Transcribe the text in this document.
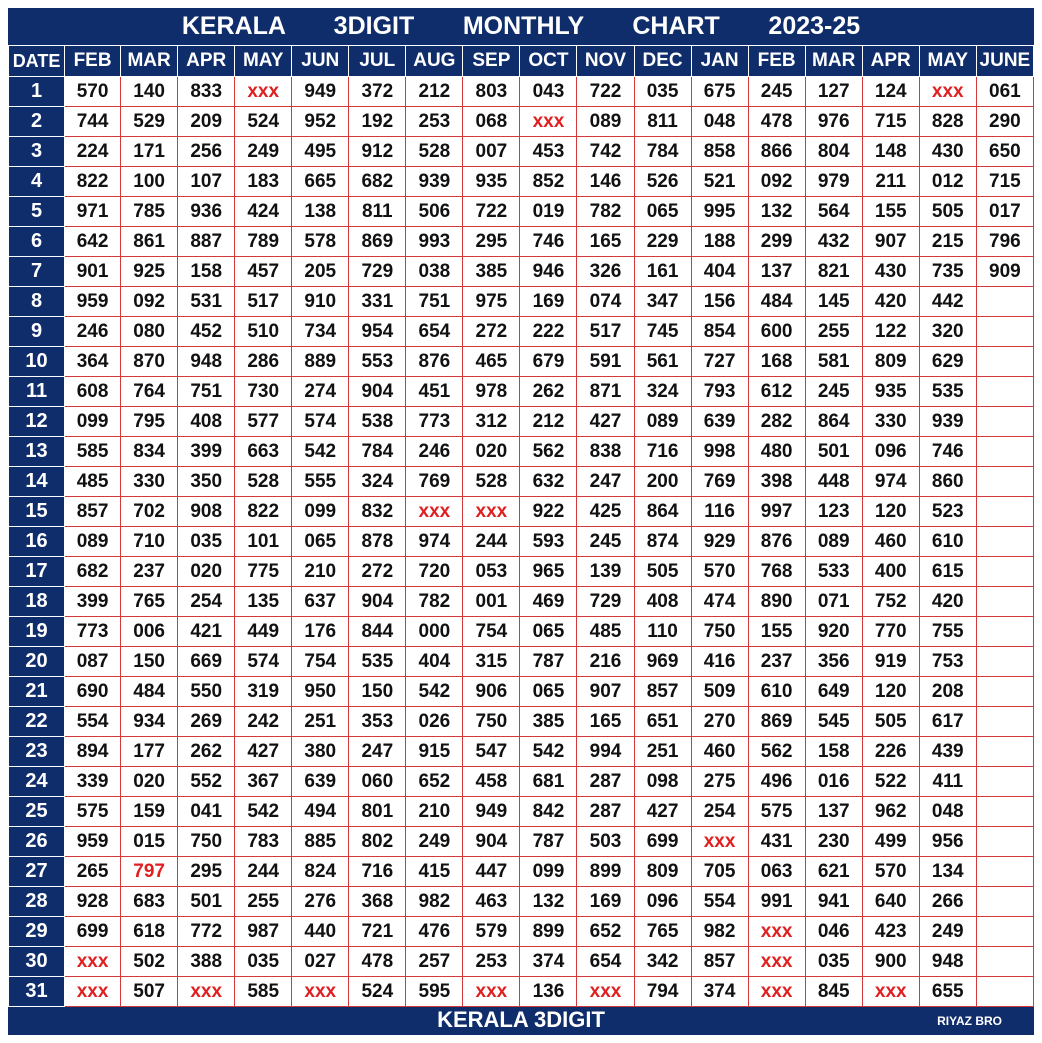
KERALA       3DIGIT       MONTHLY       CHART       2023-25
DATE	FEB	MAR	APR	MAY	JUN	JUL	AUG	SEP	OCT	NOV	DEC	JAN	FEB	MAR	APR	MAY	JUNE
1	570	140	833	xxx	949	372	212	803	043	722	035	675	245	127	124	xxx	061
2	744	529	209	524	952	192	253	068	xxx	089	811	048	478	976	715	828	290
3	224	171	256	249	495	912	528	007	453	742	784	858	866	804	148	430	650
4	822	100	107	183	665	682	939	935	852	146	526	521	092	979	211	012	715
5	971	785	936	424	138	811	506	722	019	782	065	995	132	564	155	505	017
6	642	861	887	789	578	869	993	295	746	165	229	188	299	432	907	215	796
7	901	925	158	457	205	729	038	385	946	326	161	404	137	821	430	735	909
8	959	092	531	517	910	331	751	975	169	074	347	156	484	145	420	442	
9	246	080	452	510	734	954	654	272	222	517	745	854	600	255	122	320	
10	364	870	948	286	889	553	876	465	679	591	561	727	168	581	809	629	
11	608	764	751	730	274	904	451	978	262	871	324	793	612	245	935	535	
12	099	795	408	577	574	538	773	312	212	427	089	639	282	864	330	939	
13	585	834	399	663	542	784	246	020	562	838	716	998	480	501	096	746	
14	485	330	350	528	555	324	769	528	632	247	200	769	398	448	974	860	
15	857	702	908	822	099	832	xxx	xxx	922	425	864	116	997	123	120	523	
16	089	710	035	101	065	878	974	244	593	245	874	929	876	089	460	610	
17	682	237	020	775	210	272	720	053	965	139	505	570	768	533	400	615	
18	399	765	254	135	637	904	782	001	469	729	408	474	890	071	752	420	
19	773	006	421	449	176	844	000	754	065	485	110	750	155	920	770	755	
20	087	150	669	574	754	535	404	315	787	216	969	416	237	356	919	753	
21	690	484	550	319	950	150	542	906	065	907	857	509	610	649	120	208	
22	554	934	269	242	251	353	026	750	385	165	651	270	869	545	505	617	
23	894	177	262	427	380	247	915	547	542	994	251	460	562	158	226	439	
24	339	020	552	367	639	060	652	458	681	287	098	275	496	016	522	411	
25	575	159	041	542	494	801	210	949	842	287	427	254	575	137	962	048	
26	959	015	750	783	885	802	249	904	787	503	699	xxx	431	230	499	956	
27	265	797	295	244	824	716	415	447	099	899	809	705	063	621	570	134	
28	928	683	501	255	276	368	982	463	132	169	096	554	991	941	640	266	
29	699	618	772	987	440	721	476	579	899	652	765	982	xxx	046	423	249	
30	xxx	502	388	035	027	478	257	253	374	654	342	857	xxx	035	900	948	
31	xxx	507	xxx	585	xxx	524	595	xxx	136	xxx	794	374	xxx	845	xxx	655	
KERALA 3DIGIT	RIYAZ BRO
